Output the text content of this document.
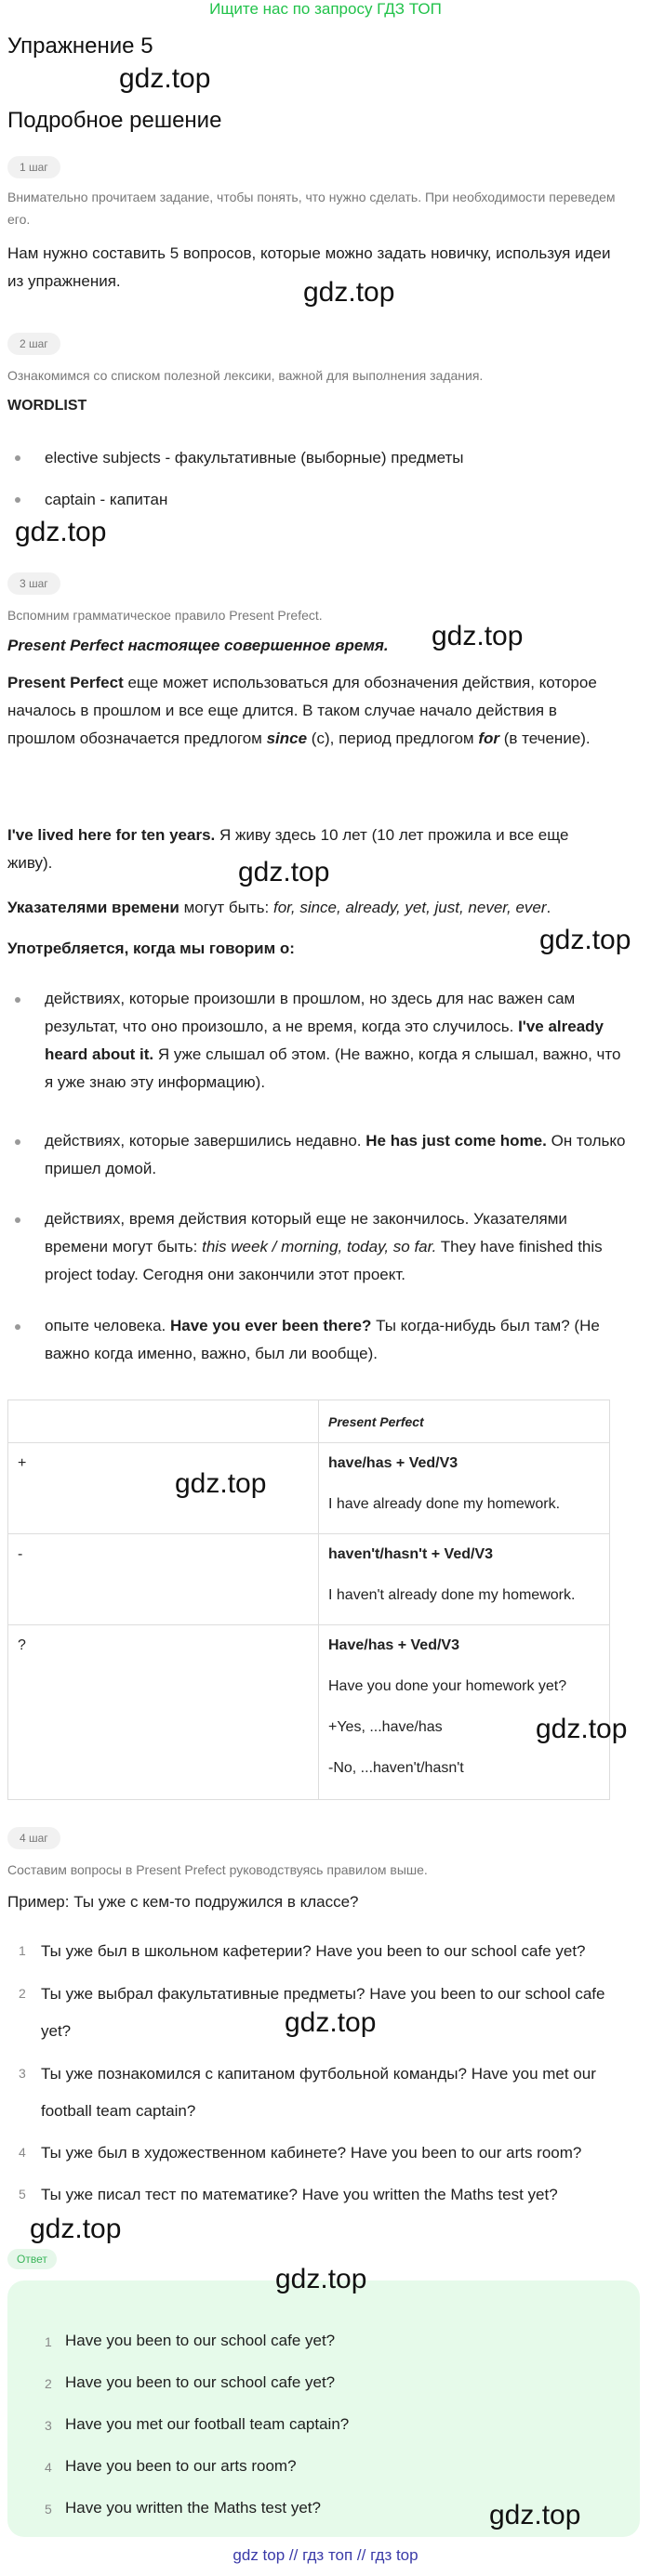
Ищите нас по запросу ГДЗ ТОП
Упражнение 5
Подробное решение
1 шаг
Внимательно прочитаем задание, чтобы понять, что нужно сделать. При необходимости переведем его.
Нам нужно составить 5 вопросов, которые можно задать новичку, используя идеи из упражнения.
2 шаг
Ознакомимся со списком полезной лексики, важной для выполнения задания.
WORDLIST
elective subjects - факультативные (выборные) предметы
captain - капитан
3 шаг
Вспомним грамматическое правило Present Prefect.
Present Perfect настоящее совершенное время.
Present Perfect еще может использоваться для обозначения действия, которое началось в прошлом и все еще длится. В таком случае начало действия в прошлом обозначается предлогом since (с), период предлогом for (в течение).
I've lived here for ten years. Я живу здесь 10 лет (10 лет прожила и все еще живу).
Указателями времени могут быть: for, since, already, yet, just, never, ever.
Употребляется, когда мы говорим о:
действиях, которые произошли в прошлом, но здесь для нас важен сам результат, что оно произошло, а не время, когда это случилось. I've already heard about it. Я уже слышал об этом. (Не важно, когда я слышал, важно, что я уже знаю эту информацию).
действиях, которые завершились недавно. He has just come home. Он только пришел домой.
действиях, время действия который еще не закончилось. Указателями времени могут быть: this week / morning, today, so far. They have finished this project today. Сегодня они закончили этот проект.
опыте человека. Have you ever been there? Ты когда-нибудь был там? (Не важно когда именно, важно, был ли вообще).
	Present Perfect

+	have/has + Ved/V3
I have already done my homework.

-	haven't/hasn't + Ved/V3
I haven't already done my homework.

?	Have/has + Ved/V3
Have you done your homework yet?
+Yes, ...have/has
-No, ...haven't/hasn't
4 шаг
Составим вопросы в Present Prefect руководствуясь правилом выше.
Пример: Ты уже с кем-то подружился в классе?
1 Ты уже был в школьном кафетерии? Have you been to our school cafe yet?
2 Ты уже выбрал факультативные предметы? Have you been to our school cafe yet?
3 Ты уже познакомился с капитаном футбольной команды? Have you met our football team captain?
4 Ты уже был в художественном кабинете? Have you been to our arts room?
5 Ты уже писал тест по математике? Have you written the Maths test yet?
Ответ
1 Have you been to our school cafe yet?
2 Have you been to our school cafe yet?
3 Have you met our football team captain?
4 Have you been to our arts room?
5 Have you written the Maths test yet?
gdz.top
gdz.top
gdz.top
gdz.top
gdz.top
gdz.top
gdz.top
gdz.top
gdz.top
gdz.top
gdz.top
gdz.top
gdz top // гдз топ // гдз top
